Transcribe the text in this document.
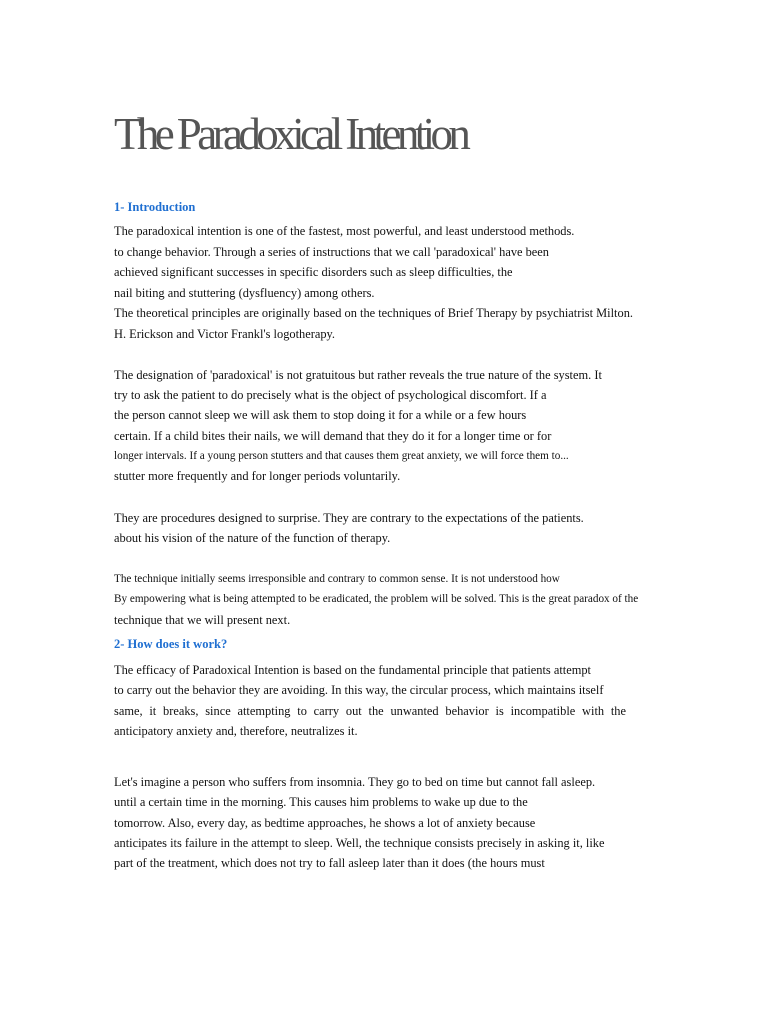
The Paradoxical Intention
1- Introduction

The paradoxical intention is one of the fastest, most powerful, and least understood methods.

to change behavior. Through a series of instructions that we call 'paradoxical' have been

achieved significant successes in specific disorders such as sleep difficulties, the

nail biting and stuttering (dysfluency) among others.

The theoretical principles are originally based on the techniques of Brief Therapy by psychiatrist Milton.

H. Erickson and Victor Frankl's logotherapy.

The designation of 'paradoxical' is not gratuitous but rather reveals the true nature of the system. It

try to ask the patient to do precisely what is the object of psychological discomfort. If a

the person cannot sleep we will ask them to stop doing it for a while or a few hours

certain. If a child bites their nails, we will demand that they do it for a longer time or for

longer intervals. If a young person stutters and that causes them great anxiety, we will force them to...

stutter more frequently and for longer periods voluntarily.

They are procedures designed to surprise. They are contrary to the expectations of the patients.

about his vision of the nature of the function of therapy.

The technique initially seems irresponsible and contrary to common sense. It is not understood how

By empowering what is being attempted to be eradicated, the problem will be solved. This is the great paradox of the

technique that we will present next.

2- How does it work?

The efficacy of Paradoxical Intention is based on the fundamental principle that patients attempt

to carry out the behavior they are avoiding. In this way, the circular process, which maintains itself

same, it breaks, since attempting to carry out the unwanted behavior is incompatible with the

anticipatory anxiety and, therefore, neutralizes it.

Let's imagine a person who suffers from insomnia. They go to bed on time but cannot fall asleep.

until a certain time in the morning. This causes him problems to wake up due to the

tomorrow. Also, every day, as bedtime approaches, he shows a lot of anxiety because

anticipates its failure in the attempt to sleep. Well, the technique consists precisely in asking it, like

part of the treatment, which does not try to fall asleep later than it does (the hours must
